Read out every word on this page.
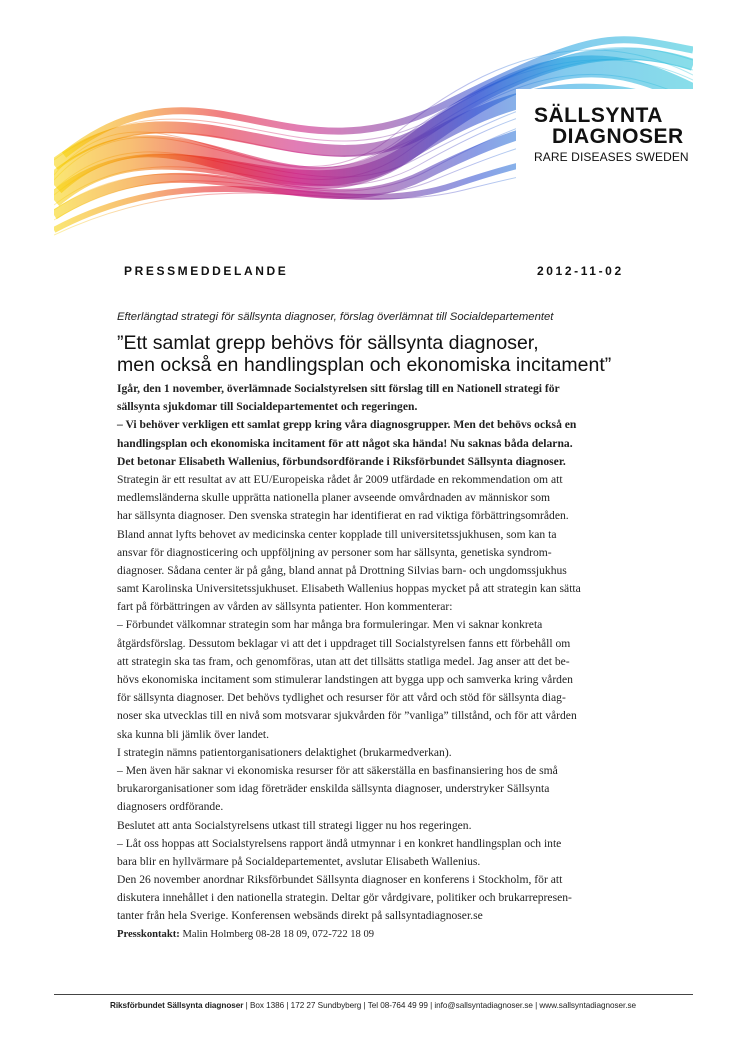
SÄLLSYNTA
DIAGNOSER
RARE DISEASES SWEDEN
PRESSMEDDELANDE	2012-11-02
Efterlängtad strategi för sällsynta diagnoser, förslag överlämnat till Socialdepartementet
”Ett samlat grepp behövs för sällsynta diagnoser,
men också en handlingsplan och ekonomiska incitament”
Igår, den 1 november, överlämnade Socialstyrelsen sitt förslag till en Nationell strategi för
sällsynta sjukdomar till Socialdepartementet och regeringen.
– Vi behöver verkligen ett samlat grepp kring våra diagnosgrupper. Men det behövs också en
handlingsplan och ekonomiska incitament för att något ska hända! Nu saknas båda delarna.
Det betonar Elisabeth Wallenius, förbundsordförande i Riksförbundet Sällsynta diagnoser.
Strategin är ett resultat av att EU/Europeiska rådet år 2009 utfärdade en rekommendation om att
medlemsländerna skulle upprätta nationella planer avseende omvårdnaden av människor som
har sällsynta diagnoser. Den svenska strategin har identifierat en rad viktiga förbättringsområden.
Bland annat lyfts behovet av medicinska center kopplade till universitetssjukhusen, som kan ta
ansvar för diagnosticering och uppföljning av personer som har sällsynta, genetiska syndrom-
diagnoser. Sådana center är på gång, bland annat på Drottning Silvias barn- och ungdomssjukhus
samt Karolinska Universitetssjukhuset. Elisabeth Wallenius hoppas mycket på att strategin kan sätta
fart på förbättringen av vården av sällsynta patienter. Hon kommenterar:
– Förbundet välkomnar strategin som har många bra formuleringar. Men vi saknar konkreta
åtgärdsförslag. Dessutom beklagar vi att det i uppdraget till Socialstyrelsen fanns ett förbehåll om
att strategin ska tas fram, och genomföras, utan att det tillsätts statliga medel. Jag anser att det be-
hövs ekonomiska incitament som stimulerar landstingen att bygga upp och samverka kring vården
för sällsynta diagnoser. Det behövs tydlighet och resurser för att vård och stöd för sällsynta diag-
noser ska utvecklas till en nivå som motsvarar sjukvården för ”vanliga” tillstånd, och för att vården
ska kunna bli jämlik över landet.
I strategin nämns patientorganisationers delaktighet (brukarmedverkan).
– Men även här saknar vi ekonomiska resurser för att säkerställa en basfinansiering hos de små
brukarorganisationer som idag företräder enskilda sällsynta diagnoser, understryker Sällsynta
diagnosers ordförande.
Beslutet att anta Socialstyrelsens utkast till strategi ligger nu hos regeringen.
– Låt oss hoppas att Socialstyrelsens rapport ändå utmynnar i en konkret handlingsplan och inte
bara blir en hyllvärmare på Socialdepartementet, avslutar Elisabeth Wallenius.
Den 26 november anordnar Riksförbundet Sällsynta diagnoser en konferens i Stockholm, för att
diskutera innehållet i den nationella strategin. Deltar gör vårdgivare, politiker och brukarrepresen-
tanter från hela Sverige. Konferensen websänds direkt på sallsyntadiagnoser.se
Presskontakt: Malin Holmberg 08-28 18 09, 072-722 18 09
Riksförbundet Sällsynta diagnoser | Box 1386 | 172 27 Sundbyberg | Tel 08-764 49 99 | info@sallsyntadiagnoser.se | www.sallsyntadiagnoser.se
